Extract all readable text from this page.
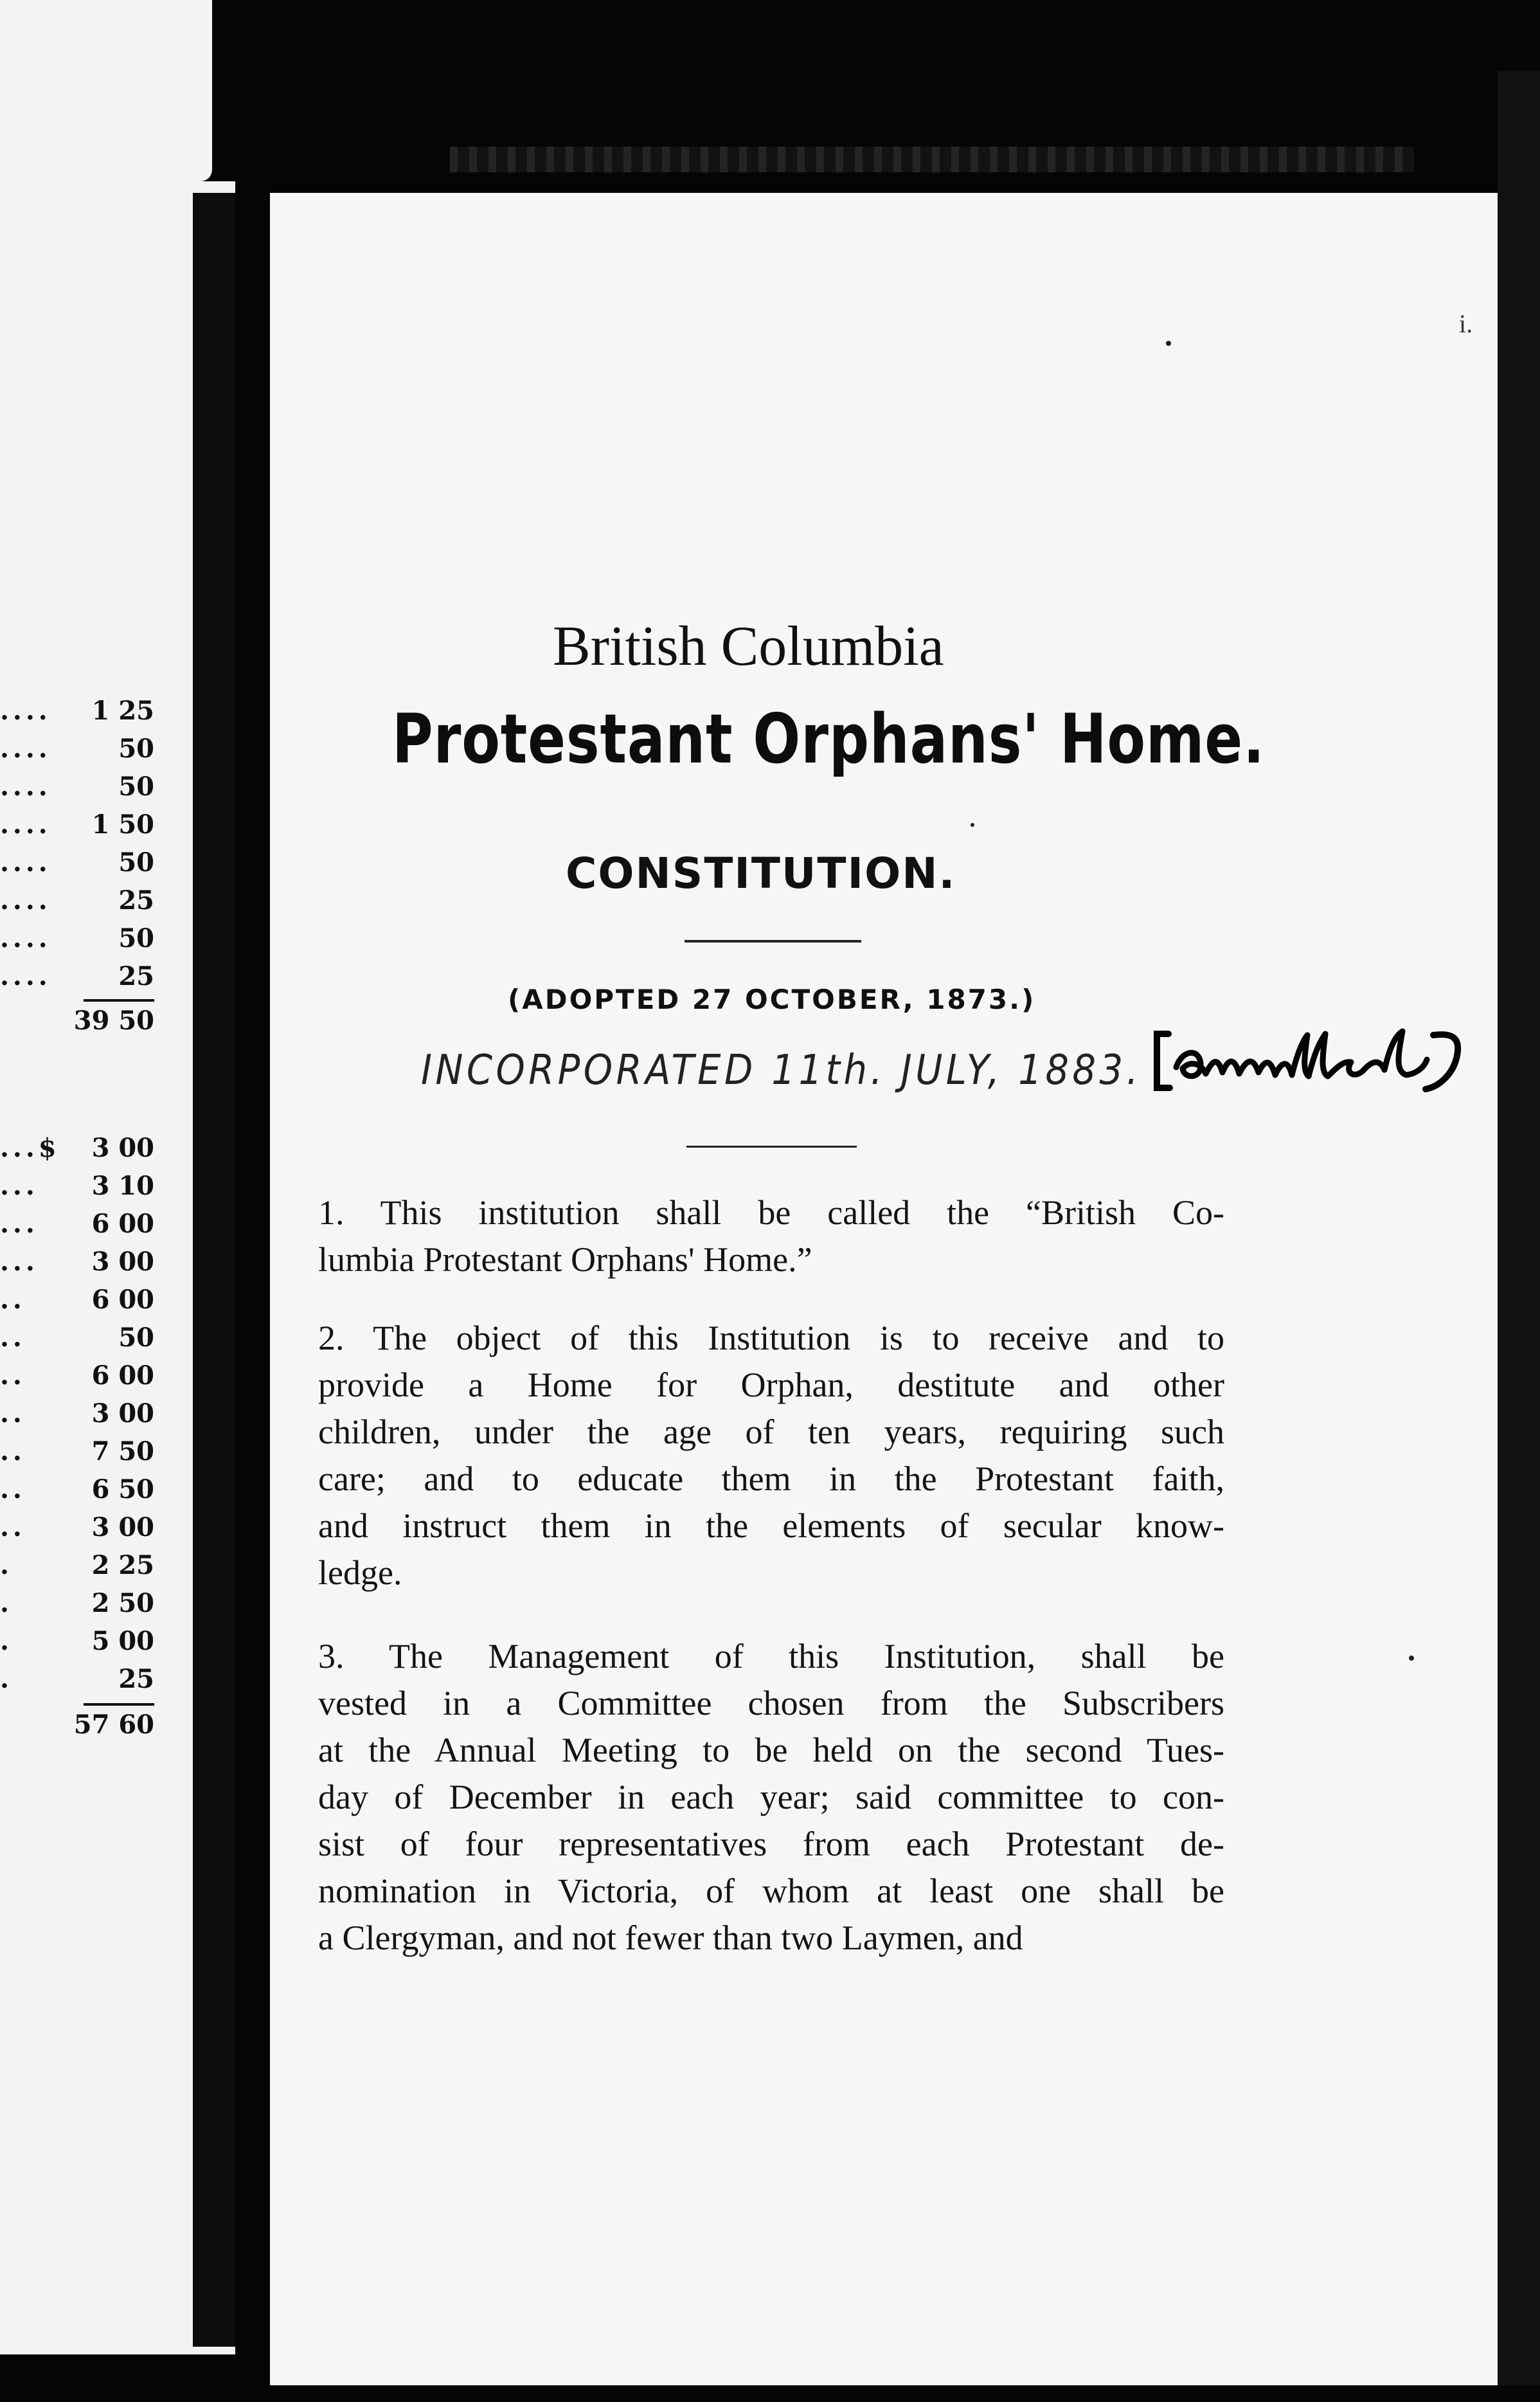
.... 1 25
....	50
....	50
.... 1 50
....	50
....	25
....	50
....	25
39 50
...$ 3 00
... 3 10
... 6 00
... 3 00
..	6 00
..	50
..	6 00
..	3 00
..	7 50
..	6 50
..	3 00
.	2 25
.	2 50
.	5 00
.	25
57 60
i.
British Columbia
Protestant Orphans' Home.
CONSTITUTION.
(ADOPTED 27 OCTOBER, 1873.)
INCORPORATED 11th. JULY, 1883.
1. This institution shall be called the “British Co-
lumbia Protestant Orphans' Home.”
2. The object of this Institution is to receive and to
provide a Home for Orphan, destitute and other
children, under the age of ten years, requiring such
care; and to educate them in the Protestant faith,
and instruct them in the elements of secular know-
ledge.
3. The Management of this Institution, shall be
vested in a Committee chosen from the Subscribers
at the Annual Meeting to be held on the second Tues-
day of December in each year; said committee to con-
sist of four representatives from each Protestant de-
nomination in Victoria, of whom at least one shall be
a Clergyman, and not fewer than two Laymen, and
